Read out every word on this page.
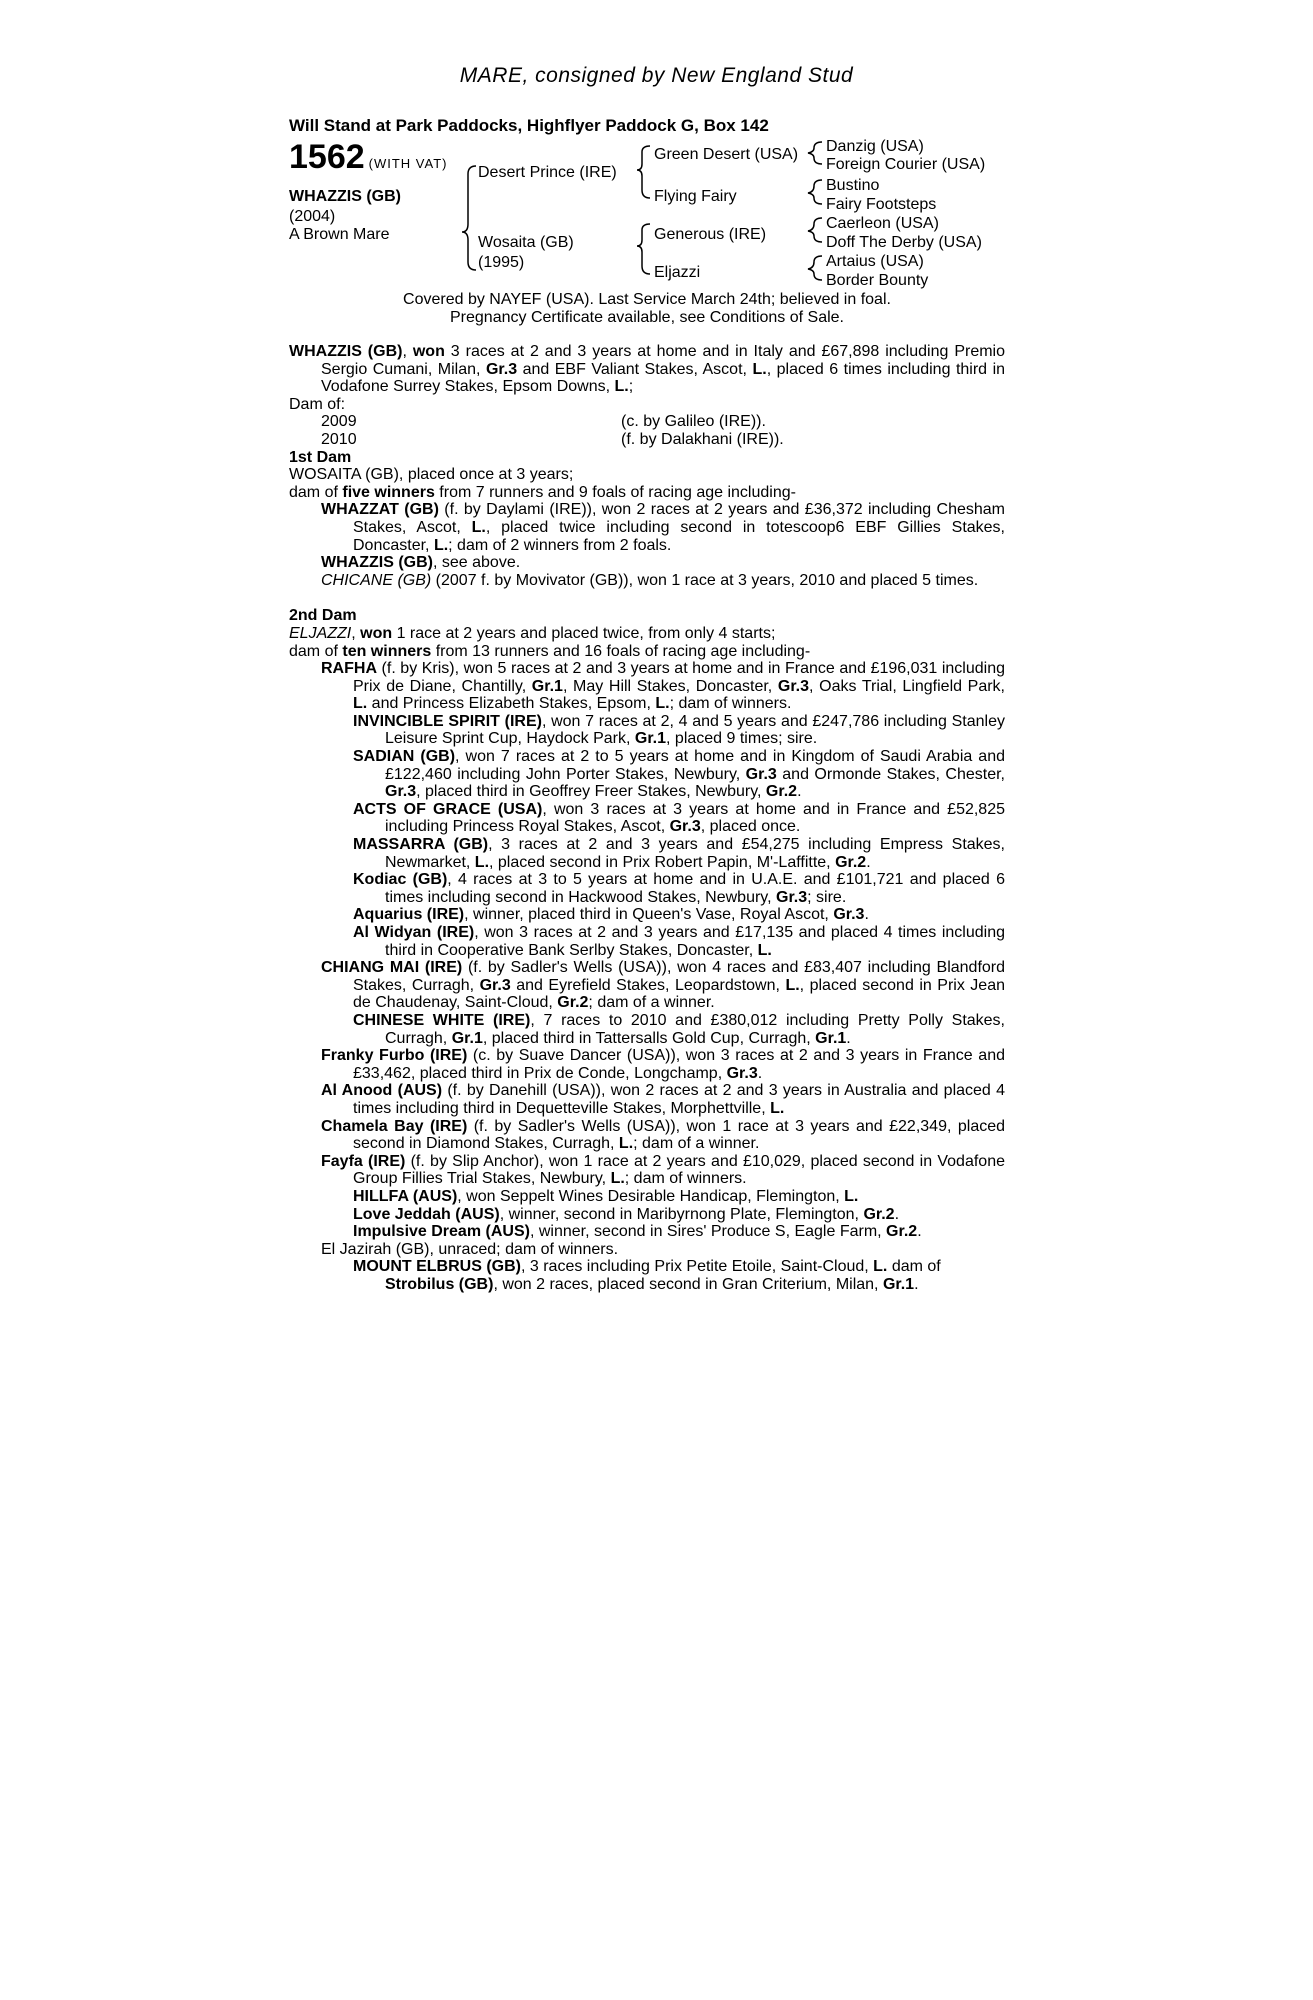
MARE, consigned by New England Stud
Will Stand at Park Paddocks, Highflyer Paddock G, Box 142
1562 (WITH VAT)
WHAZZIS (GB)
(2004)
A Brown Mare
Desert Prince (IRE)
Wosaita (GB)
(1995)
Green Desert (USA)
Flying Fairy
Generous (IRE)
Eljazzi
Danzig (USA)
Foreign Courier (USA)
Bustino
Fairy Footsteps
Caerleon (USA)
Doff The Derby (USA)
Artaius (USA)
Border Bounty
Covered by NAYEF (USA). Last Service March 24th; believed in foal.
Pregnancy Certificate available, see Conditions of Sale.

WHAZZIS (GB), won 3 races at 2 and 3 years at home and in Italy and £67,898 including Premio Sergio Cumani, Milan, Gr.3 and EBF Valiant Stakes, Ascot, L., placed 6 times including third in Vodafone Surrey Stakes, Epsom Downs, L.;

Dam of:

2009	(c. by Galileo (IRE)).
2010	(f. by Dalakhani (IRE)).

1st Dam

WOSAITA (GB), placed once at 3 years;

dam of five winners from 7 runners and 9 foals of racing age including-

WHAZZAT (GB) (f. by Daylami (IRE)), won 2 races at 2 years and £36,372 including Chesham Stakes, Ascot, L., placed twice including second in totescoop6 EBF Gillies Stakes, Doncaster, L.; dam of 2 winners from 2 foals.

WHAZZIS (GB), see above.

CHICANE (GB) (2007 f. by Movivator (GB)), won 1 race at 3 years, 2010 and placed 5 times.

2nd Dam

ELJAZZI, won 1 race at 2 years and placed twice, from only 4 starts;

dam of ten winners from 13 runners and 16 foals of racing age including-

RAFHA (f. by Kris), won 5 races at 2 and 3 years at home and in France and £196,031 including Prix de Diane, Chantilly, Gr.1, May Hill Stakes, Doncaster, Gr.3, Oaks Trial, Lingfield Park, L. and Princess Elizabeth Stakes, Epsom, L.; dam of winners.

INVINCIBLE SPIRIT (IRE), won 7 races at 2, 4 and 5 years and £247,786 including Stanley Leisure Sprint Cup, Haydock Park, Gr.1, placed 9 times; sire.

SADIAN (GB), won 7 races at 2 to 5 years at home and in Kingdom of Saudi Arabia and £122,460 including John Porter Stakes, Newbury, Gr.3 and Ormonde Stakes, Chester, Gr.3, placed third in Geoffrey Freer Stakes, Newbury, Gr.2.

ACTS OF GRACE (USA), won 3 races at 3 years at home and in France and £52,825 including Princess Royal Stakes, Ascot, Gr.3, placed once.

MASSARRA (GB), 3 races at 2 and 3 years and £54,275 including Empress Stakes, Newmarket, L., placed second in Prix Robert Papin, M'-Laffitte, Gr.2.

Kodiac (GB), 4 races at 3 to 5 years at home and in U.A.E. and £101,721 and placed 6 times including second in Hackwood Stakes, Newbury, Gr.3; sire.

Aquarius (IRE), winner, placed third in Queen's Vase, Royal Ascot, Gr.3.

Al Widyan (IRE), won 3 races at 2 and 3 years and £17,135 and placed 4 times including third in Cooperative Bank Serlby Stakes, Doncaster, L.

CHIANG MAI (IRE) (f. by Sadler's Wells (USA)), won 4 races and £83,407 including Blandford Stakes, Curragh, Gr.3 and Eyrefield Stakes, Leopardstown, L., placed second in Prix Jean de Chaudenay, Saint-Cloud, Gr.2; dam of a winner.

CHINESE WHITE (IRE), 7 races to 2010 and £380,012 including Pretty Polly Stakes, Curragh, Gr.1, placed third in Tattersalls Gold Cup, Curragh, Gr.1.

Franky Furbo (IRE) (c. by Suave Dancer (USA)), won 3 races at 2 and 3 years in France and £33,462, placed third in Prix de Conde, Longchamp, Gr.3.

Al Anood (AUS) (f. by Danehill (USA)), won 2 races at 2 and 3 years in Australia and placed 4 times including third in Dequetteville Stakes, Morphettville, L.

Chamela Bay (IRE) (f. by Sadler's Wells (USA)), won 1 race at 3 years and £22,349, placed second in Diamond Stakes, Curragh, L.; dam of a winner.

Fayfa (IRE) (f. by Slip Anchor), won 1 race at 2 years and £10,029, placed second in Vodafone Group Fillies Trial Stakes, Newbury, L.; dam of winners.

HILLFA (AUS), won Seppelt Wines Desirable Handicap, Flemington, L.

Love Jeddah (AUS), winner, second in Maribyrnong Plate, Flemington, Gr.2.

Impulsive Dream (AUS), winner, second in Sires' Produce S, Eagle Farm, Gr.2.

El Jazirah (GB), unraced; dam of winners.

MOUNT ELBRUS (GB), 3 races including Prix Petite Etoile, Saint-Cloud, L. dam of

Strobilus (GB), won 2 races, placed second in Gran Criterium, Milan, Gr.1.
